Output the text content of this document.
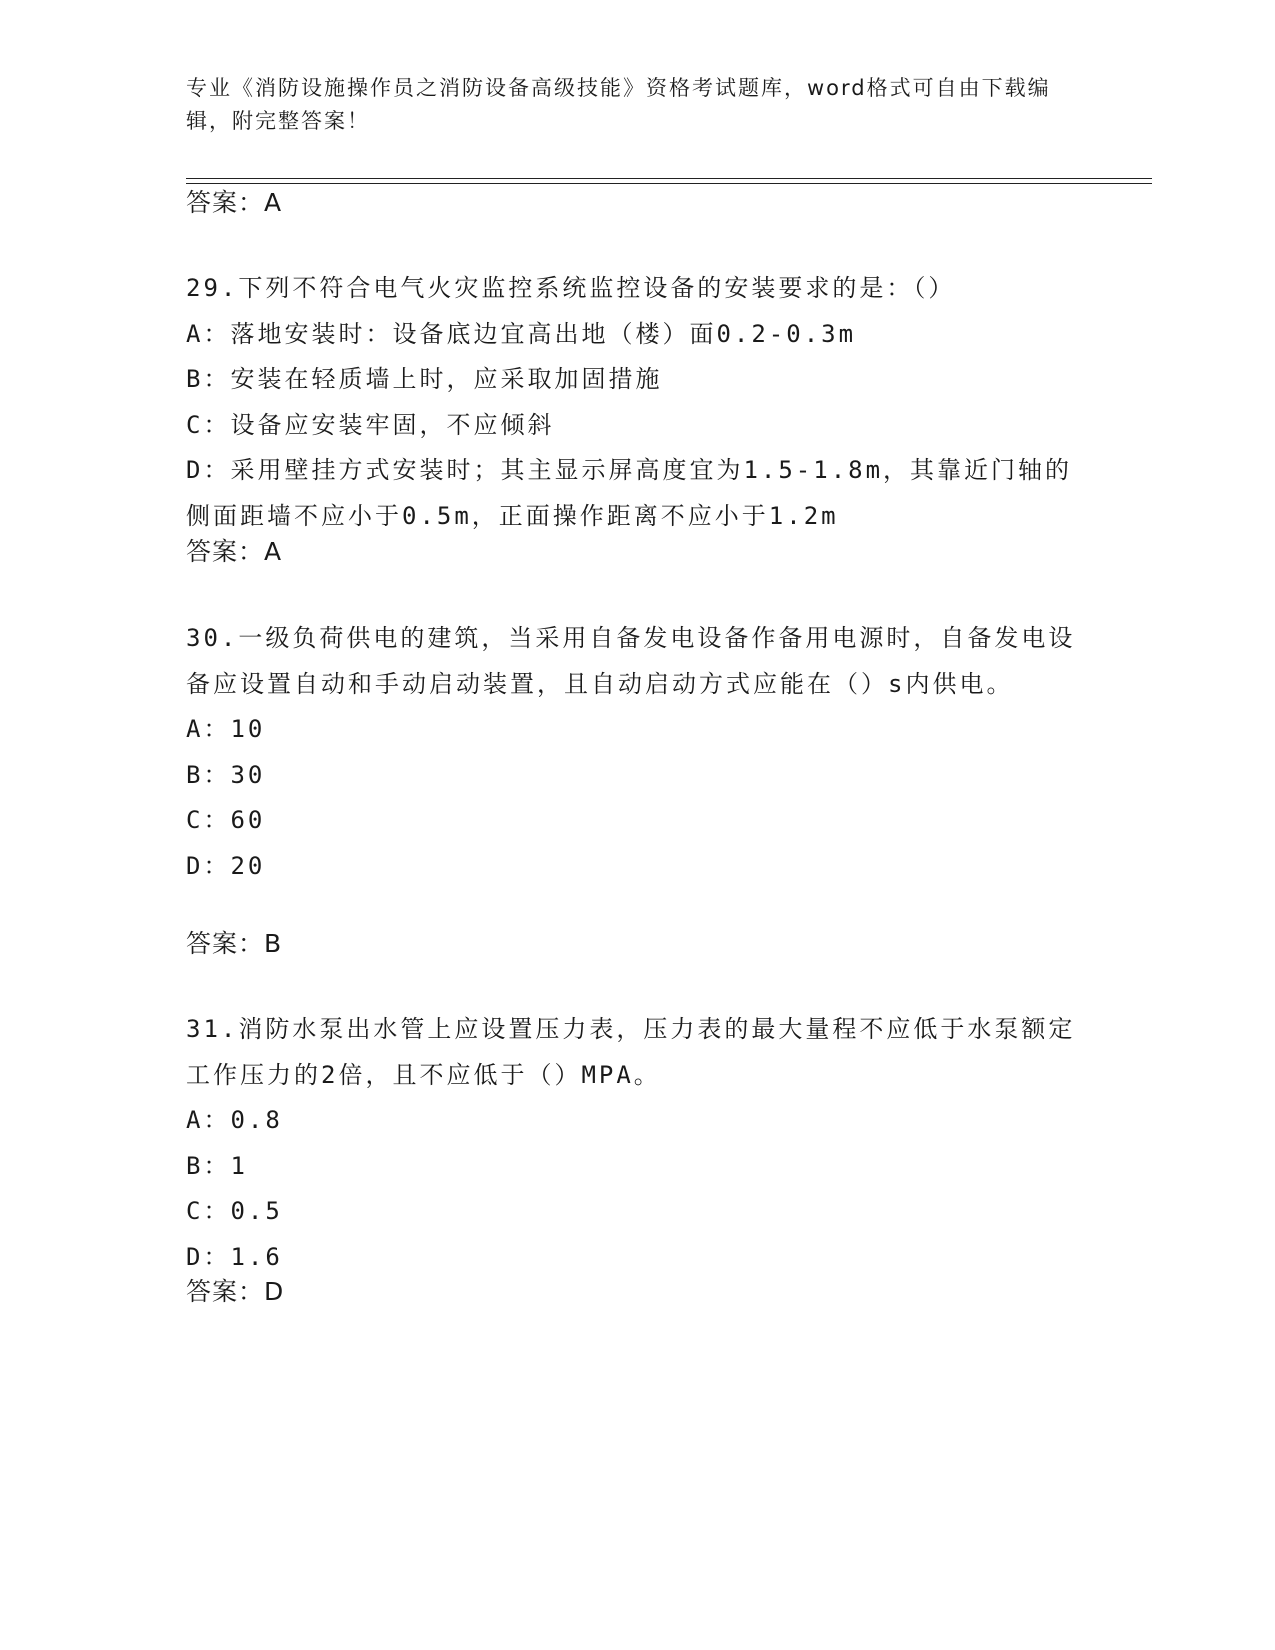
专业《消防设施操作员之消防设备高级技能》资格考试题库，word格式可自由下载编辑，附完整答案！
答案：A

29.下列不符合电气火灾监控系统监控设备的安装要求的是：（）

A：落地安装时：设备底边宜高出地（楼）面0.2-0.3m

B：安装在轻质墙上时，应采取加固措施

C：设备应安装牢固，不应倾斜

D：采用壁挂方式安装时；其主显示屏高度宜为1.5-1.8m，其靠近门轴的侧面距墙不应小于0.5m，正面操作距离不应小于1.2m

答案：A

30.一级负荷供电的建筑，当采用自备发电设备作备用电源时，自备发电设备应设置自动和手动启动装置，且自动启动方式应能在（）s内供电。

A：10

B：30

C：60

D：20

答案：B

31.消防水泵出水管上应设置压力表，压力表的最大量程不应低于水泵额定工作压力的2倍，且不应低于（）MPA。

A：0.8

B：1

C：0.5

D：1.6

答案：D
